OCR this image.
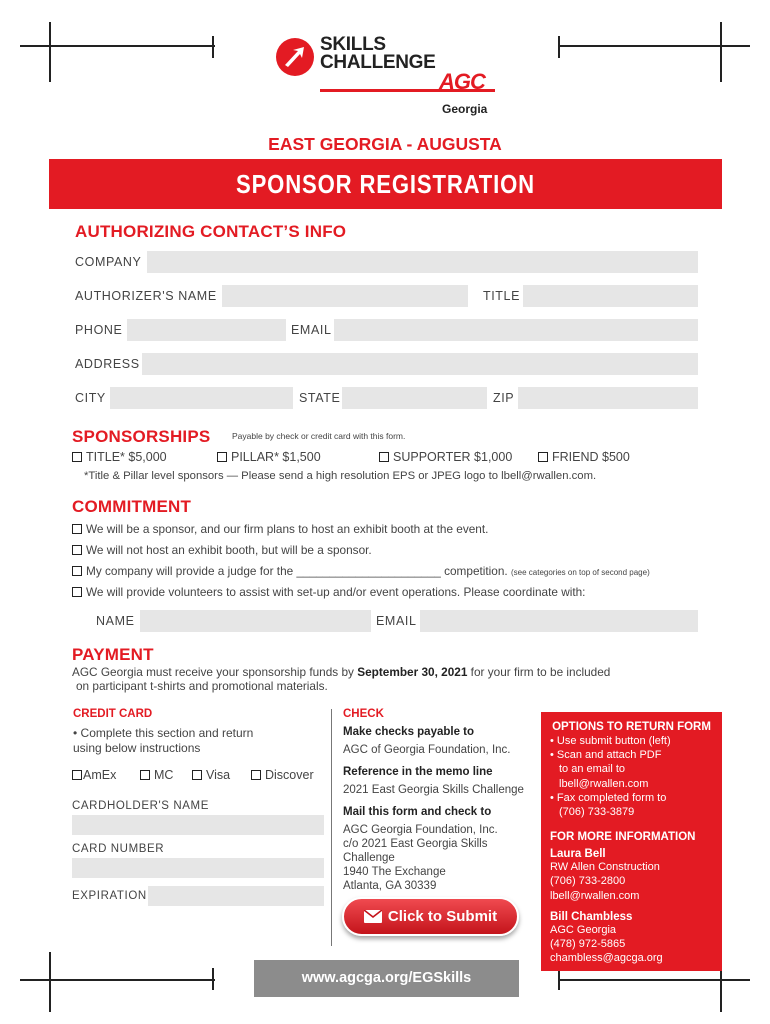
SKILLS
CHALLENGE
AGC
Georgia
EAST GEORGIA - AUGUSTA
SPONSOR REGISTRATION
AUTHORIZING CONTACT’S INFO
COMPANY
AUTHORIZER'S NAME	TITLE
PHONE	EMAIL
ADDRESS
CITY	STATE	ZIP
SPONSORSHIPS	Payable by check or credit card with this form.
TITLE* $5,000	PILLAR* $1,500	SUPPORTER $1,000	FRIEND $500
*Title & Pillar level sponsors — Please send a high resolution EPS or JPEG logo to lbell@rwallen.com.
COMMITMENT
We will be a sponsor, and our firm plans to host an exhibit booth at the event.
We will not host an exhibit booth, but will be a sponsor.
My company will provide a judge for the ______________________ competition. (see categories on top of second page)
We will provide volunteers to assist with set-up and/or event operations. Please coordinate with:
NAME	EMAIL
PAYMENT
AGC Georgia must receive your sponsorship funds by September 30, 2021 for your firm to be included
on participant t-shirts and promotional materials.
CREDIT CARD
• Complete this section and return
using below instructions
AmEx	MC	Visa	Discover
CARDHOLDER'S NAME
CARD NUMBER
EXPIRATION
CHECK
Make checks payable to
AGC of Georgia Foundation, Inc.
Reference in the memo line
2021 East Georgia Skills Challenge
Mail this form and check to
AGC Georgia Foundation, Inc.
c/o 2021 East Georgia Skills
Challenge
1940 The Exchange
Atlanta, GA 30339
Click to Submit
OPTIONS TO RETURN FORM
• Use submit button (left)
• Scan and attach PDF
to an email to
lbell@rwallen.com
• Fax completed form to
(706) 733-3879
FOR MORE INFORMATION
Laura Bell
RW Allen Construction
(706) 733-2800
lbell@rwallen.com
Bill Chambless
AGC Georgia
(478) 972-5865
chambless@agcga.org
www.agcga.org/EGSkills
